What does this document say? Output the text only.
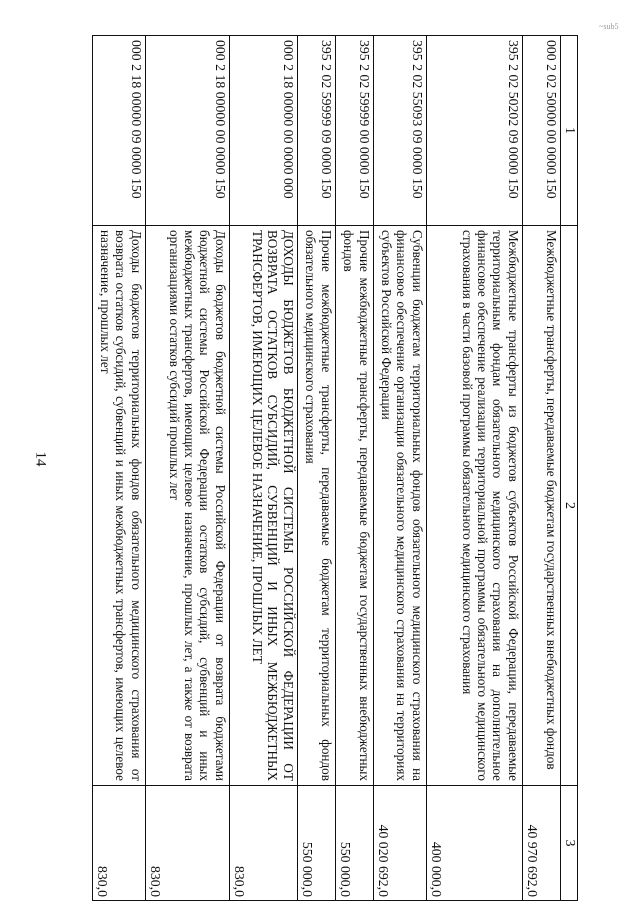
14
~sub5
1	2	3
000 2 02 50000 00 0000 150	Межбюджетные трансферты, передаваемые бюджетам государственных внебюджетных фондов	40 970 692,0
395 2 02 50202 09 0000 150	Межбюджетные трансферты из бюджетов субъектов Российской Федерации, передаваемые территориальным фондам обязательного медицинского страхования на дополнительное финансовое обеспечение реализации территориальной программы обязательного медицинского страхования в части базовой программы обязательного медицинского страхования	400 000,0
395 2 02 55093 09 0000 150	Субвенции бюджетам территориальных фондов обязательного медицинского страхования на финансовое обеспечение организации обязательного медицинского страхования на территориях субъектов Российской Федерации	40 020 692,0
395 2 02 59999 00 0000 150	Прочие межбюджетные трансферты, передаваемые бюджетам государственных внебюджетных фондов	550 000,0
395 2 02 59999 09 0000 150	Прочие межбюджетные трансферты, передаваемые бюджетам территориальных фондов обязательного медицинского страхования	550 000,0
000 2 18 00000 00 0000 000	ДОХОДЫ БЮДЖЕТОВ БЮДЖЕТНОЙ СИСТЕМЫ РОССИЙСКОЙ ФЕДЕРАЦИИ ОТ ВОЗВРАТА ОСТАТКОВ СУБСИДИЙ, СУБВЕНЦИЙ И ИНЫХ МЕЖБЮДЖЕТНЫХ ТРАНСФЕРТОВ, ИМЕЮЩИХ ЦЕЛЕВОЕ НАЗНАЧЕНИЕ, ПРОШЛЫХ ЛЕТ	830,0
000 2 18 00000 00 0000 150	Доходы бюджетов бюджетной системы Российской Федерации от возврата бюджетами бюджетной системы Российской Федерации остатков субсидий, субвенций и иных межбюджетных трансфертов, имеющих целевое назначение, прошлых лет, а также от возврата организациями остатков субсидий прошлых лет	830,0
000 2 18 00000 09 0000 150	Доходы бюджетов территориальных фондов обязательного медицинского страхования от возврата остатков субсидий, субвенций и иных межбюджетных трансфертов, имеющих целевое назначение, прошлых лет	830,0
